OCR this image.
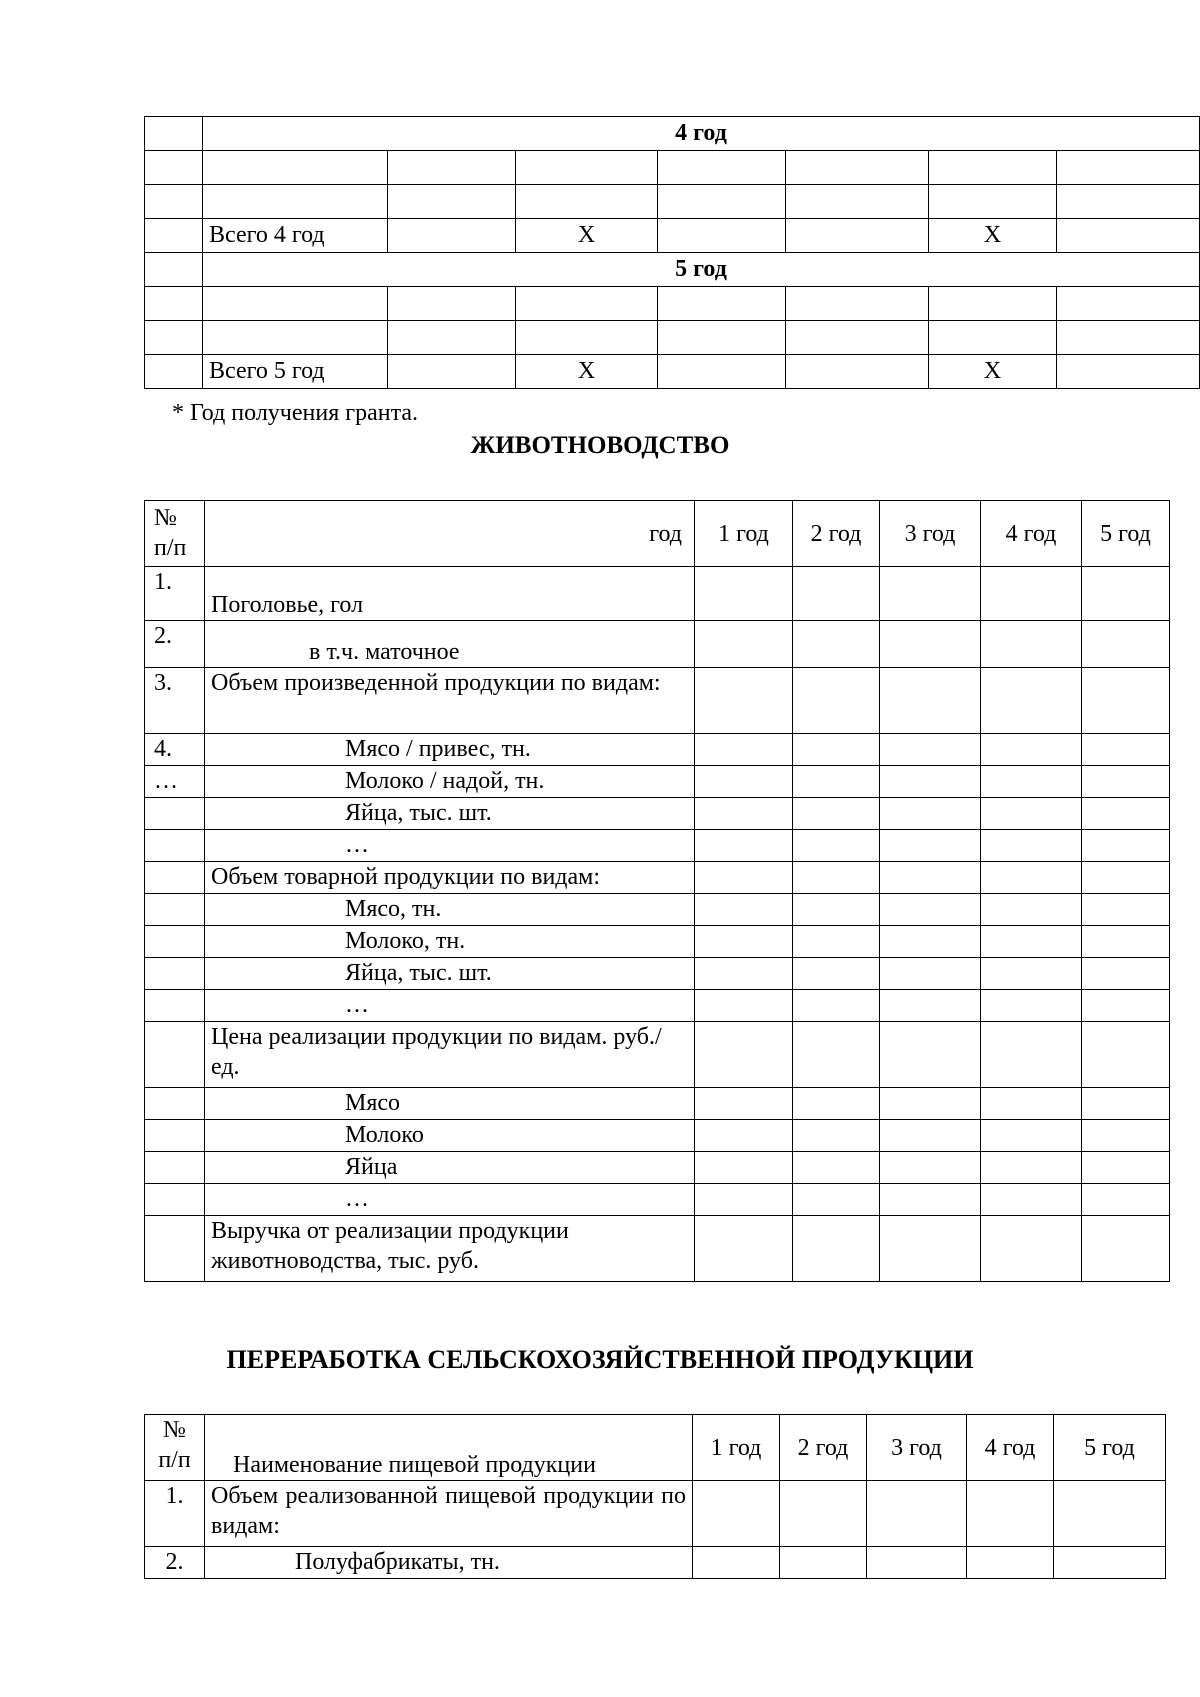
	4 год						

	Всего 4 год		Х			Х	
	5 год						

	Всего 5 год		Х			Х	
* Год получения гранта.
ЖИВОТНОВОДСТВО
№ п/п	год	1 год	2 год	3 год	4 год	5 год
1.	Поголовье, гол					
2.	в т.ч. маточное					
3.	Объем произведенной продукции по видам:					
4.	Мясо / привес, тн.					
…	Молоко / надой, тн.					
	Яйца, тыс. шт.					
	…					
	Объем товарной продукции по видам:					
	Мясо, тн.					
	Молоко, тн.					
	Яйца, тыс. шт.					
	…					
	Цена реализации продукции по видам. руб./ед.					
	Мясо					
	Молоко					
	Яйца					
	…					
	Выручка от реализации продукции животноводства, тыс. руб.					
ПЕРЕРАБОТКА СЕЛЬСКОХОЗЯЙСТВЕННОЙ ПРОДУКЦИИ
№ п/п	Наименование пищевой продукции	1 год	2 год	3 год	4 год	5 год
1.	Объем реализованной пищевой продукции по видам:					
2.	Полуфабрикаты, тн.					
